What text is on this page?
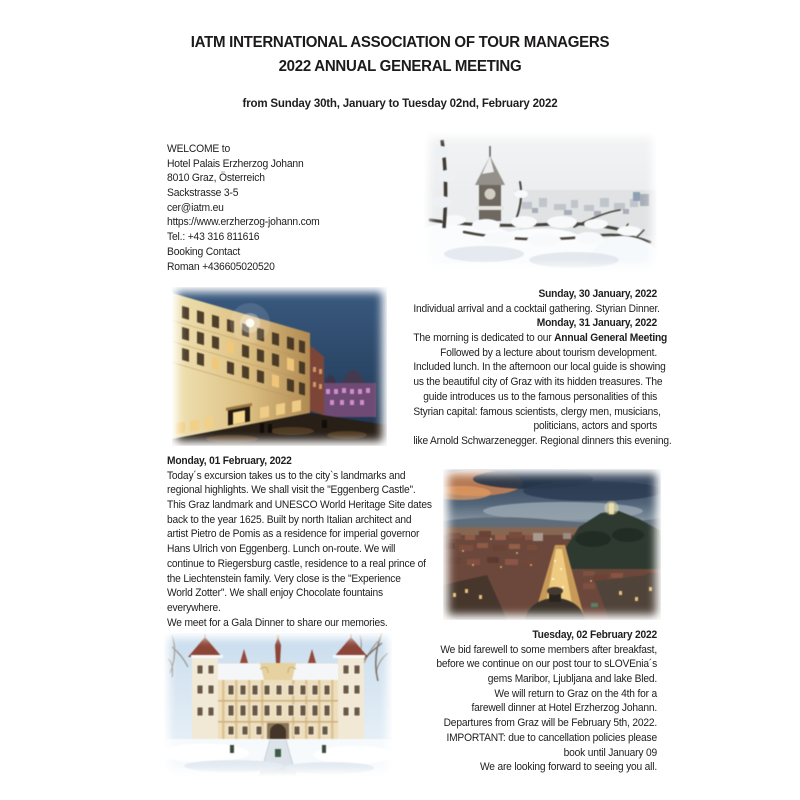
IATM INTERNATIONAL ASSOCIATION OF TOUR MANAGERS
2022 ANNUAL GENERAL MEETING
from Sunday 30th, January to Tuesday 02nd, February 2022
WELCOME to
Hotel Palais Erzherzog Johann
8010 Graz, Österreich
Sackstrasse 3-5
cer@iatm.eu
https://www.erzherzog-johann.com
Tel.: +43 316 811616
Booking Contact
Roman +436605020520
Sunday, 30 January, 2022
Individual arrival and a cocktail gathering. Styrian Dinner.
Monday, 31 January, 2022
The morning is dedicated to our Annual General Meeting
Followed by a lecture about tourism development.
Included lunch. In the afternoon our local guide is showing
us the beautiful city of Graz with its hidden treasures. The
guide introduces us to the famous personalities of this
Styrian capital: famous scientists, clergy men, musicians,
politicians, actors and sports
like Arnold Schwarzenegger. Regional dinners this evening.
Monday, 01 February, 2022
Today´s excursion takes us to the city`s landmarks and
regional highlights. We shall visit the "Eggenberg Castle".
This Graz landmark and UNESCO World Heritage Site dates
back to the year 1625. Built by north Italian architect and
artist Pietro de Pomis as a residence for imperial governor
Hans Ulrich von Eggenberg. Lunch on-route. We will
continue to Riegersburg castle, residence to a real prince of
the Liechtenstein family. Very close is the "Experience
World Zotter". We shall enjoy Chocolate fountains
everywhere.
We meet for a Gala Dinner to share our memories.
Tuesday, 02 February 2022
We bid farewell to some members after breakfast,
before we continue on our post tour to sLOVEnia´s
gems Maribor, Ljubljana and lake Bled.
We will return to Graz on the 4th for a
farewell dinner at Hotel Erzherzog Johann.
Departures from Graz will be February 5th, 2022.
IMPORTANT: due to cancellation policies please
book until January 09
We are looking forward to seeing you all.
